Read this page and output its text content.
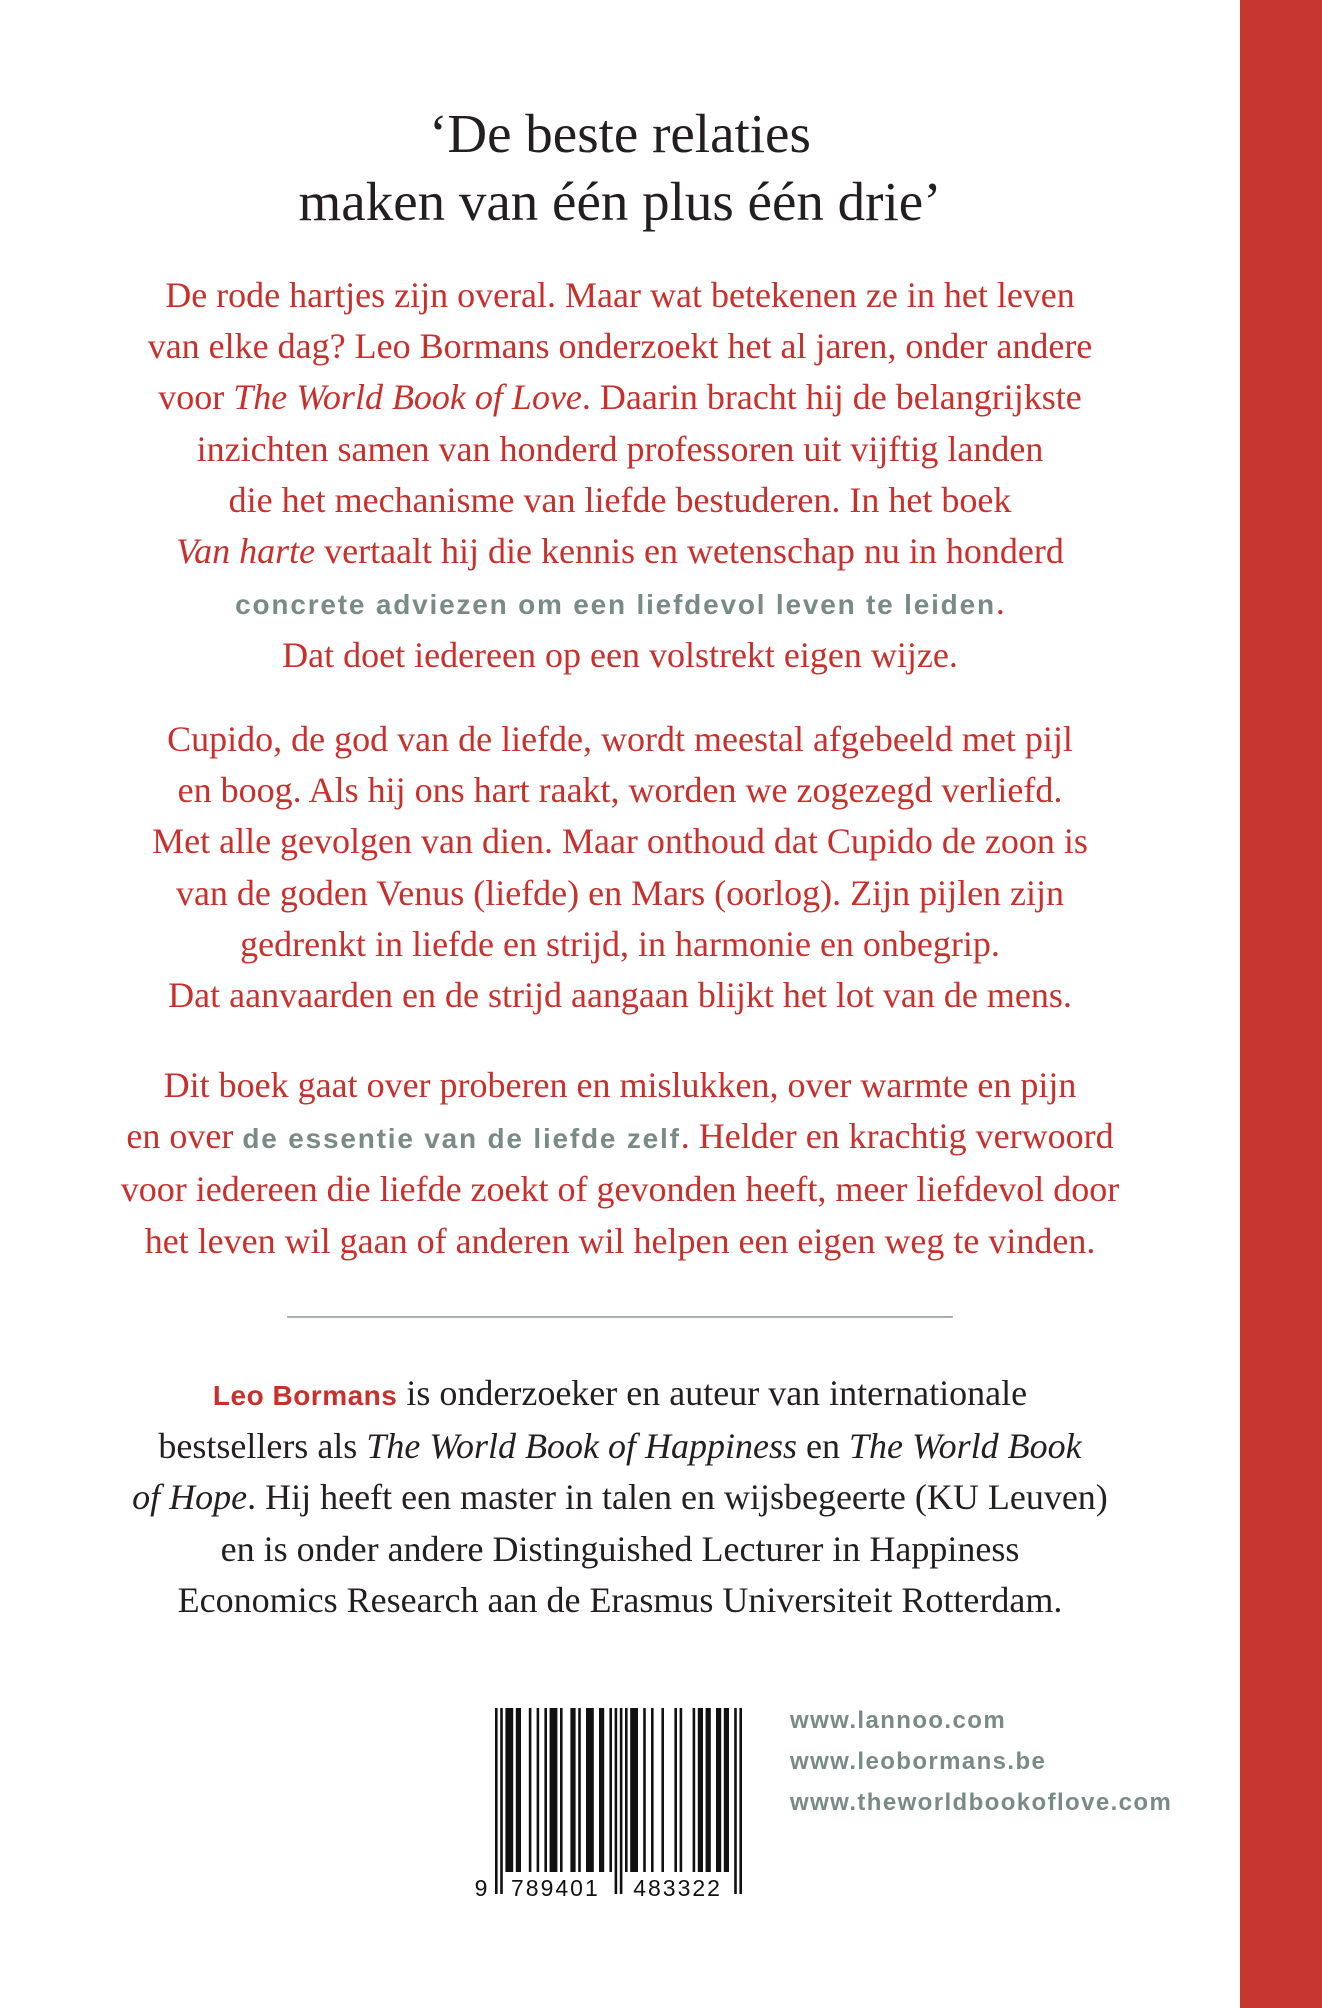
‘De beste relaties
maken van één plus één drie’
De rode hartjes zijn overal. Maar wat betekenen ze in het leven
van elke dag? Leo Bormans onderzoekt het al jaren, onder andere
voor The World Book of Love. Daarin bracht hij de belangrijkste
inzichten samen van honderd professoren uit vijftig landen
die het mechanisme van liefde bestuderen. In het boek
Van harte vertaalt hij die kennis en wetenschap nu in honderd
concrete adviezen om een liefdevol leven te leiden.
Dat doet iedereen op een volstrekt eigen wijze.
Cupido, de god van de liefde, wordt meestal afgebeeld met pijl
en boog. Als hij ons hart raakt, worden we zogezegd verliefd.
Met alle gevolgen van dien. Maar onthoud dat Cupido de zoon is
van de goden Venus (liefde) en Mars (oorlog). Zijn pijlen zijn
gedrenkt in liefde en strijd, in harmonie en onbegrip.
Dat aanvaarden en de strijd aangaan blijkt het lot van de mens.
Dit boek gaat over proberen en mislukken, over warmte en pijn
en over de essentie van de liefde zelf. Helder en krachtig verwoord
voor iedereen die liefde zoekt of gevonden heeft, meer liefdevol door
het leven wil gaan of anderen wil helpen een eigen weg te vinden.
Leo Bormans is onderzoeker en auteur van internationale
bestsellers als The World Book of Happiness en The World Book
of Hope. Hij heeft een master in talen en wijsbegeerte (KU Leuven)
en is onder andere Distinguished Lecturer in Happiness
Economics Research aan de Erasmus Universiteit Rotterdam.
9 789401 483322
www.lannoo.com
www.leobormans.be
www.theworldbookoflove.com
